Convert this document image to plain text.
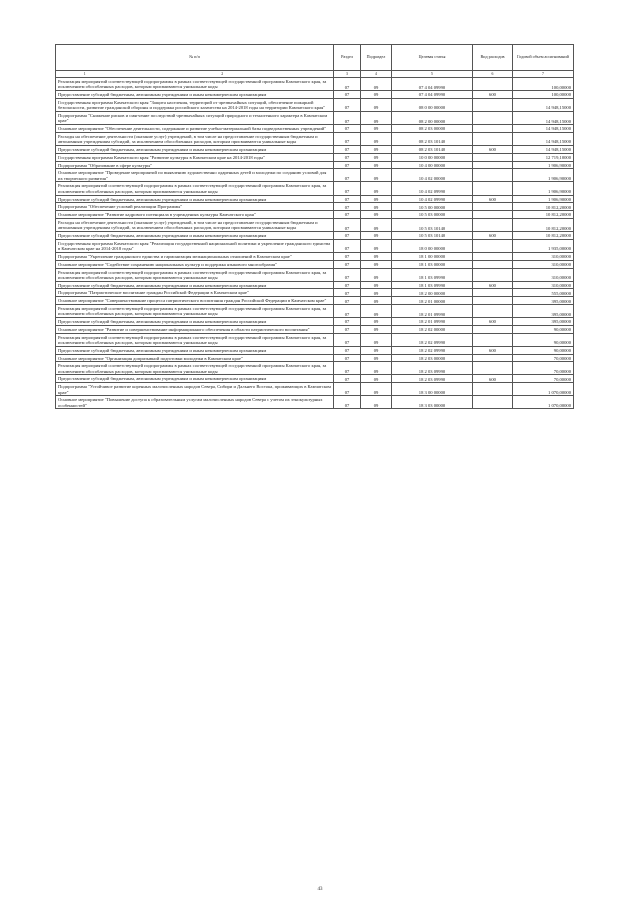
№ п/п	Раздел	Подраздел	Целевая статья	Вид расходов	Годовой объем ассигнований
1 2	3	4	5	6	7
Реализация мероприятий соответствующей подпрограммы в рамках соответствующей государственной программы Камчатского края, за исключением обособленных расходов, которым присваиваются уникальные коды	07	09	07 4 04 09990		100,00000
Предоставление субсидий бюджетным, автономным учреждениям и иным некоммерческим организациям	07	09	07 4 04 09990	600	100,00000
Государственная программа Камчатского края "Защита населения, территорий от чрезвычайных ситуаций, обеспечение пожарной безопасности, развитие гражданской обороны и поддержка российского казачества на 2014-2018 годы на территории Камчатского края"	07	09	08 0 00 00000		14 948,15000
Подпрограмма "Снижение рисков и смягчение последствий чрезвычайных ситуаций природного и техногенного характера в Камчатском крае"	07	09	08 2 00 00000		14 948,15000
Основное мероприятие "Обеспечение деятельности, содержание и развитие учебно-материальной базы подведомственных учреждений"	07	09	08 2 03 00000		14 948,15000
Расходы на обеспечение деятельности (оказание услуг) учреждений, в том числе на предоставление государственным бюджетным и автономным учреждениям субсидий, за исключением обособленных расходов, которым присваиваются уникальные коды	07	09	08 2 03 10140		14 948,15000
Предоставление субсидий бюджетным, автономным учреждениям и иным некоммерческим организациям	07	09	08 2 03 10140	600	14 948,15000
Государственная программа Камчатского края "Развитие культуры в Камчатском крае на 2014-2018 годы"	07	09	10 0 00 00000		12 719,10000
Подпрограмма "Образование в сфере культуры"	07	09	10 4 00 00000		1 906,90000
Основное мероприятие "Проведение мероприятий по выявлению художественно одаренных детей и молодежи по созданию условий для их творческого развития"	07	09	10 4 02 00000		1 906,90000
Реализация мероприятий соответствующей подпрограммы в рамках соответствующей государственной программы Камчатского края, за исключением обособленных расходов, которым присваиваются уникальные коды	07	09	10 4 02 09990		1 906,90000
Предоставление субсидий бюджетным, автономным учреждениям и иным некоммерческим организациям	07	09	10 4 02 09990	600	1 906,90000
Подпрограмма "Обеспечение условий реализации Программы"	07	09	10 5 00 00000		10 812,20000
Основное мероприятие "Развитие кадрового потенциала в учреждениях культуры Камчатского края"	07	09	10 5 03 00000		10 812,20000
Расходы на обеспечение деятельности (оказание услуг) учреждений, в том числе на предоставление государственным бюджетным и автономным учреждениям субсидий, за исключением обособленных расходов, которым присваиваются уникальные коды	07	09	10 5 03 10140		10 812,20000
Предоставление субсидий бюджетным, автономным учреждениям и иным некоммерческим организациям	07	09	10 5 03 10140	600	10 812,20000
Государственная программа Камчатского края "Реализация государственной национальной политики и укрепление гражданского единства в Камчатском крае на 2014-2018 годы"	07	09	18 0 00 00000		1 935,00000
Подпрограмма "Укрепление гражданского единства и гармонизация межнациональных отношений в Камчатском крае"	07	09	18 1 00 00000		310,00000
Основное мероприятие "Содействие сохранению национальных культур и поддержка языкового многообразия"	07	09	18 1 03 00000		310,00000
Реализация мероприятий соответствующей подпрограммы в рамках соответствующей государственной программы Камчатского края, за исключением обособленных расходов, которым присваиваются уникальные коды	07	09	18 1 03 09990		310,00000
Предоставление субсидий бюджетным, автономным учреждениям и иным некоммерческим организациям	07	09	18 1 03 09990	600	310,00000
Подпрограмма "Патриотическое воспитание граждан Российской Федерации в Камчатском крае"	07	09	18 2 00 00000		555,00000
Основное мероприятие "Совершенствование процесса патриотического воспитания граждан Российской Федерации в Камчатском крае"	07	09	18 2 01 00000		395,00000
Реализация мероприятий соответствующей подпрограммы в рамках соответствующей государственной программы Камчатского края, за исключением обособленных расходов, которым присваиваются уникальные коды	07	09	18 2 01 09990		395,00000
Предоставление субсидий бюджетным, автономным учреждениям и иным некоммерческим организациям	07	09	18 2 01 09990	600	395,00000
Основное мероприятие "Развитие и совершенствование информационного обеспечения в области патриотического воспитания"	07	09	18 2 02 00000		90,00000
Реализация мероприятий соответствующей подпрограммы в рамках соответствующей государственной программы Камчатского края, за исключением обособленных расходов, которым присваиваются уникальные коды	07	09	18 2 02 09990		90,00000
Предоставление субсидий бюджетным, автономным учреждениям и иным некоммерческим организациям	07	09	18 2 02 09990	600	90,00000
Основное мероприятие "Организация допризывной подготовки молодежи в Камчатском крае"	07	09	18 2 03 00000		70,00000
Реализация мероприятий соответствующей подпрограммы в рамках соответствующей государственной программы Камчатского края, за исключением обособленных расходов, которым присваиваются уникальные коды	07	09	18 2 03 09990		70,00000
Предоставление субсидий бюджетным, автономным учреждениям и иным некоммерческим организациям	07	09	18 2 03 09990	600	70,00000
Подпрограмма "Устойчивое развитие коренных малочисленных народов Севера, Сибири и Дальнего Востока, проживающих в Камчатском крае"	07	09	18 3 00 00000		1 070,00000
Основное мероприятие "Повышение доступа к образовательным услугам малочисленных народов Севера с учетом их этнокультурных особенностей"	07	09	18 3 03 00000		1 070,00000
43
